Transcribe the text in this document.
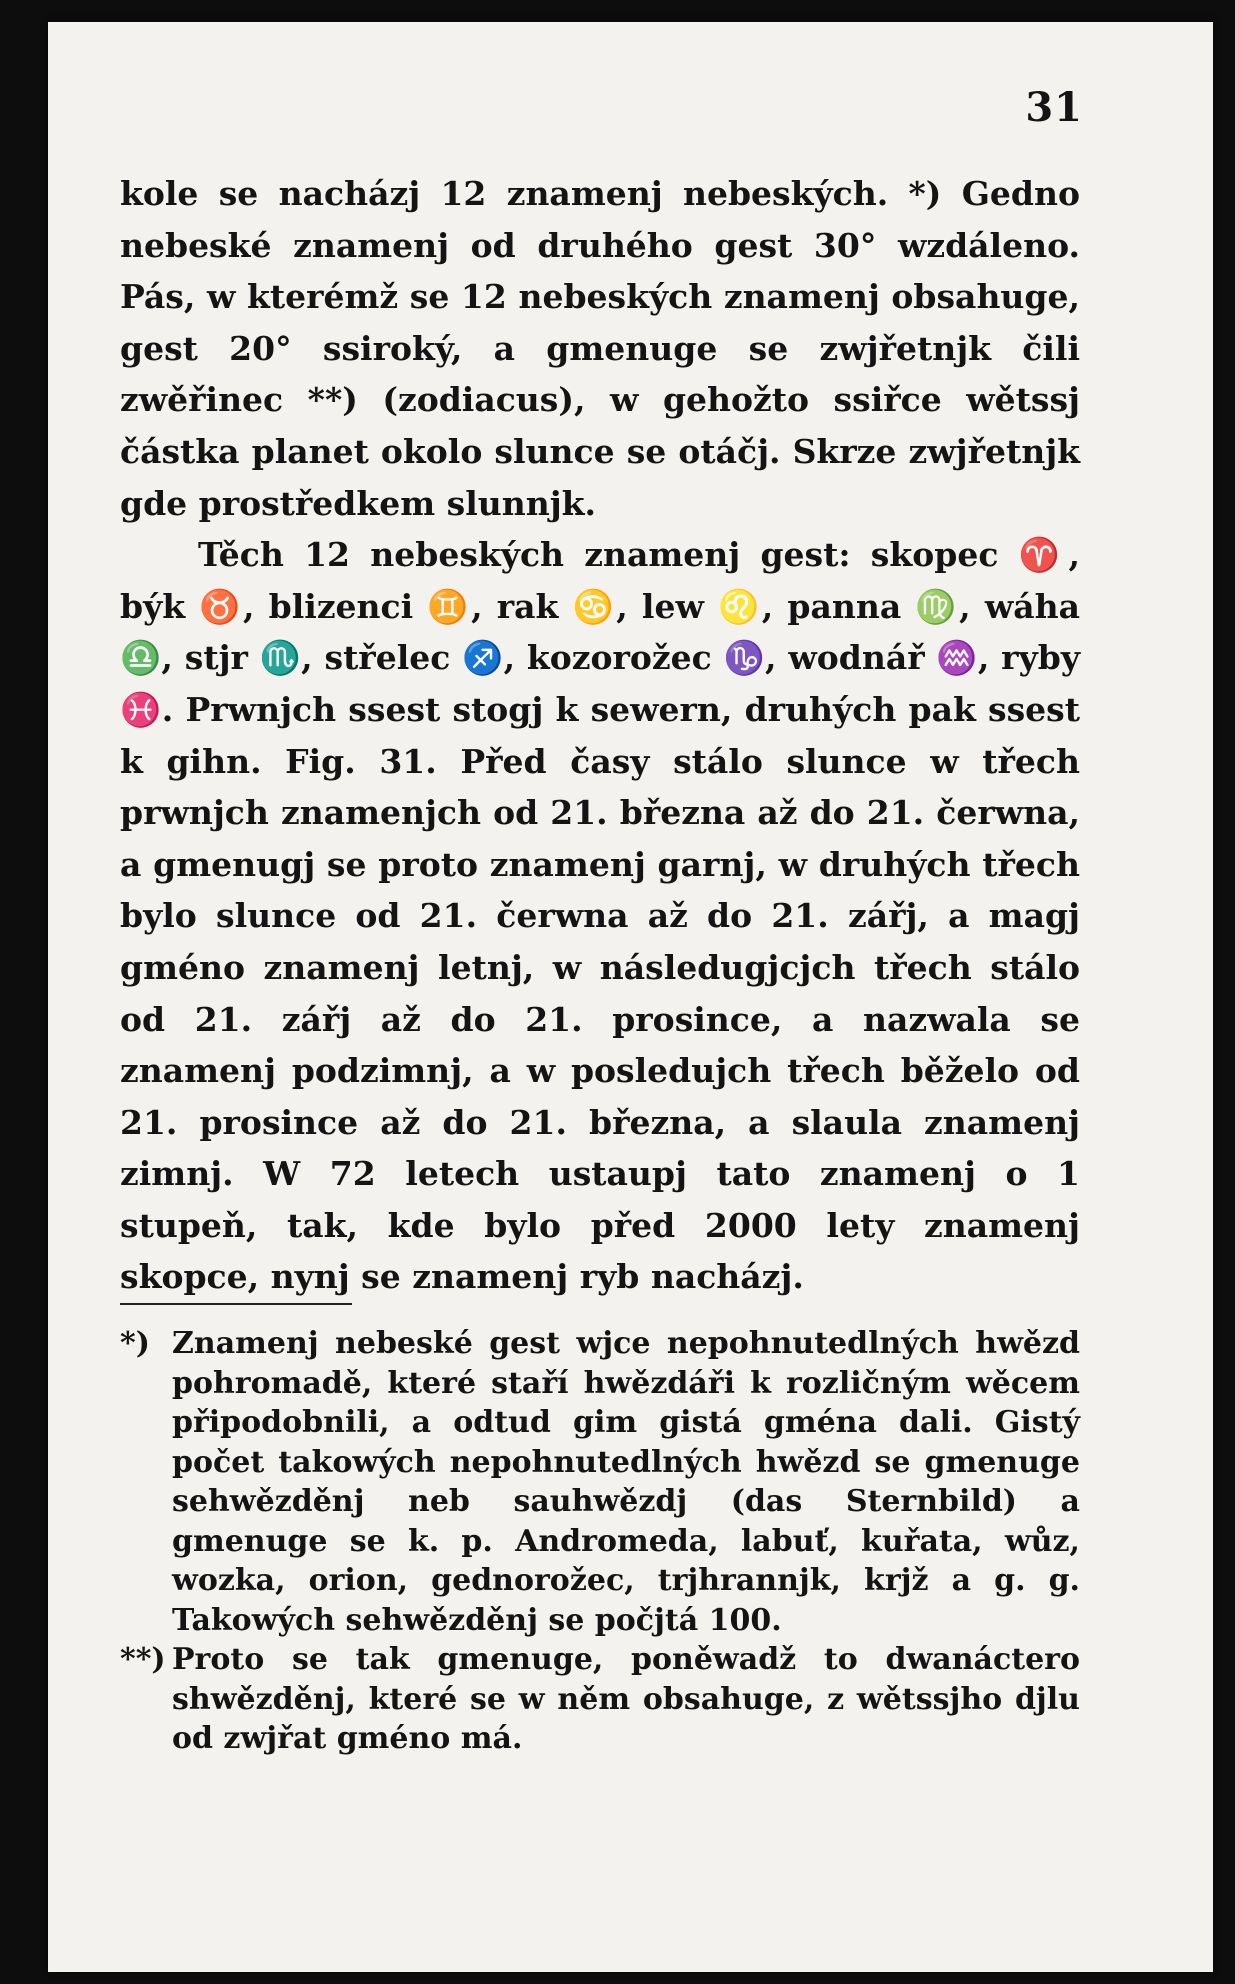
31

kole se nacházj 12 znamenj nebeských. *) Gedno nebeské znamenj od druhého gest 30° wzdáleno. Pás, w kterémž se 12 nebeských znamenj obsahuge, gest 20° ssiroký, a gmenuge se zwjřetnjk čili zwěřinec **) (zodiacus), w gehožto ssiřce wětssj částka planet okolo slunce se otáčj. Skrze zwjřetnjk gde prostředkem slunnjk.

Těch 12 nebeských znamenj gest: skopec ♈, býk ♉, blizenci ♊, rak ♋, lew ♌, panna ♍, wáha ♎, stjr ♏, střelec ♐, kozorožec ♑, wodnář ♒, ryby ♓. Prwnjch ssest stogj k sewern, druhých pak ssest k gihn. Fig. 31. Před časy stálo slunce w třech prwnjch znamenjch od 21. března až do 21. čerwna, a gmenugj se proto znamenj garnj, w druhých třech bylo slunce od 21. čerwna až do 21. zářj, a magj gméno znamenj letnj, w následugjcjch třech stálo od 21. zářj až do 21. prosince, a nazwala se znamenj podzimnj, a w posledujch třech běželo od 21. prosince až do 21. března, a slaula znamenj zimnj. W 72 letech ustaupj tato znamenj o 1 stupeň, tak, kde bylo před 2000 lety znamenj skopce, nynj se znamenj ryb nacházj.

*) Znamenj nebeské gest wjce nepohnutedlných hwězd pohromadě, které staří hwězdáři k rozličným wěcem připodobnili, a odtud gim gistá gména dali. Gistý počet takowých nepohnutedlných hwězd se gmenuge sehwězděnj neb sauhwězdj (das Sternbild) a gmenuge se k. p. Andromeda, labuť, kuřata, wůz, wozka, orion, gednorožec, trjhrannjk, krjž a g. g. Takowých sehwězděnj se počjtá 100.
**) Proto se tak gmenuge, poněwadž to dwanáctero shwězděnj, které se w něm obsahuge, z wětssjho djlu od zwjřat gméno má.
